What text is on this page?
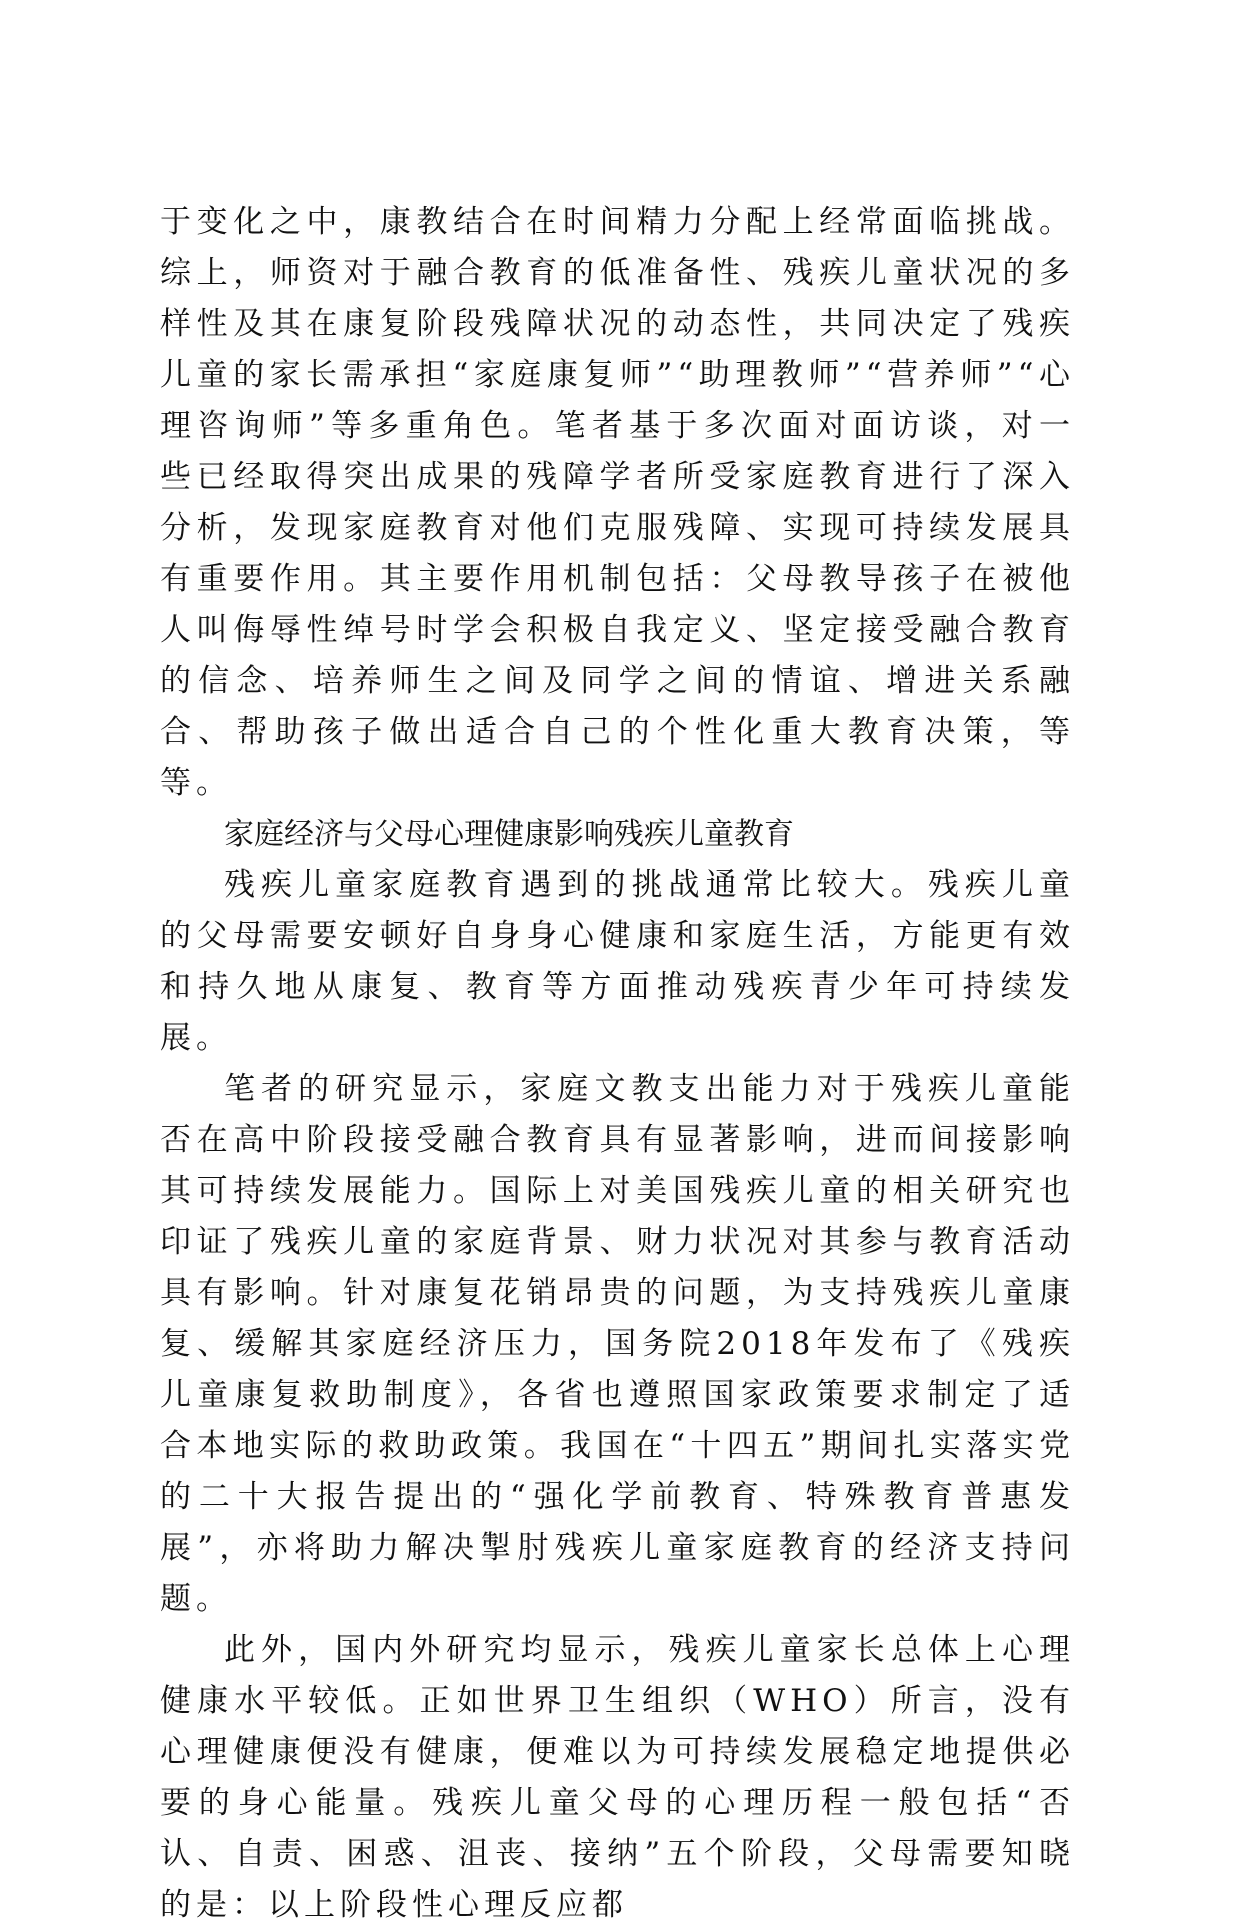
于变化之中，康教结合在时间精力分配上经常面临挑战。综上，师资对于融合教育的低准备性、残疾儿童状况的多样性及其在康复阶段残障状况的动态性，共同决定了残疾儿童的家长需承担“家庭康复师”“助理教师”“营养师”“心理咨询师”等多重角色。笔者基于多次面对面访谈，对一些已经取得突出成果的残障学者所受家庭教育进行了深入分析，发现家庭教育对他们克服残障、实现可持续发展具有重要作用。其主要作用机制包括：父母教导孩子在被他人叫侮辱性绰号时学会积极自我定义、坚定接受融合教育的信念、培养师生之间及同学之间的情谊、增进关系融合、帮助孩子做出适合自己的个性化重大教育决策，等等。

家庭经济与父母心理健康影响残疾儿童教育

残疾儿童家庭教育遇到的挑战通常比较大。残疾儿童的父母需要安顿好自身身心健康和家庭生活，方能更有效和持久地从康复、教育等方面推动残疾青少年可持续发展。

笔者的研究显示，家庭文教支出能力对于残疾儿童能否在高中阶段接受融合教育具有显著影响，进而间接影响其可持续发展能力。国际上对美国残疾儿童的相关研究也印证了残疾儿童的家庭背景、财力状况对其参与教育活动具有影响。针对康复花销昂贵的问题，为支持残疾儿童康复、缓解其家庭经济压力，国务院2018年发布了《残疾儿童康复救助制度》，各省也遵照国家政策要求制定了适合本地实际的救助政策。我国在“十四五”期间扎实落实党的二十大报告提出的“强化学前教育、特殊教育普惠发展”，亦将助力解决掣肘残疾儿童家庭教育的经济支持问题。

此外，国内外研究均显示，残疾儿童家长总体上心理健康水平较低。正如世界卫生组织（WHO）所言，没有心理健康便没有健康，便难以为可持续发展稳定地提供必要的身心能量。残疾儿童父母的心理历程一般包括“否认、自责、困惑、沮丧、接纳”五个阶段，父母需要知晓的是：以上阶段性心理反应都
